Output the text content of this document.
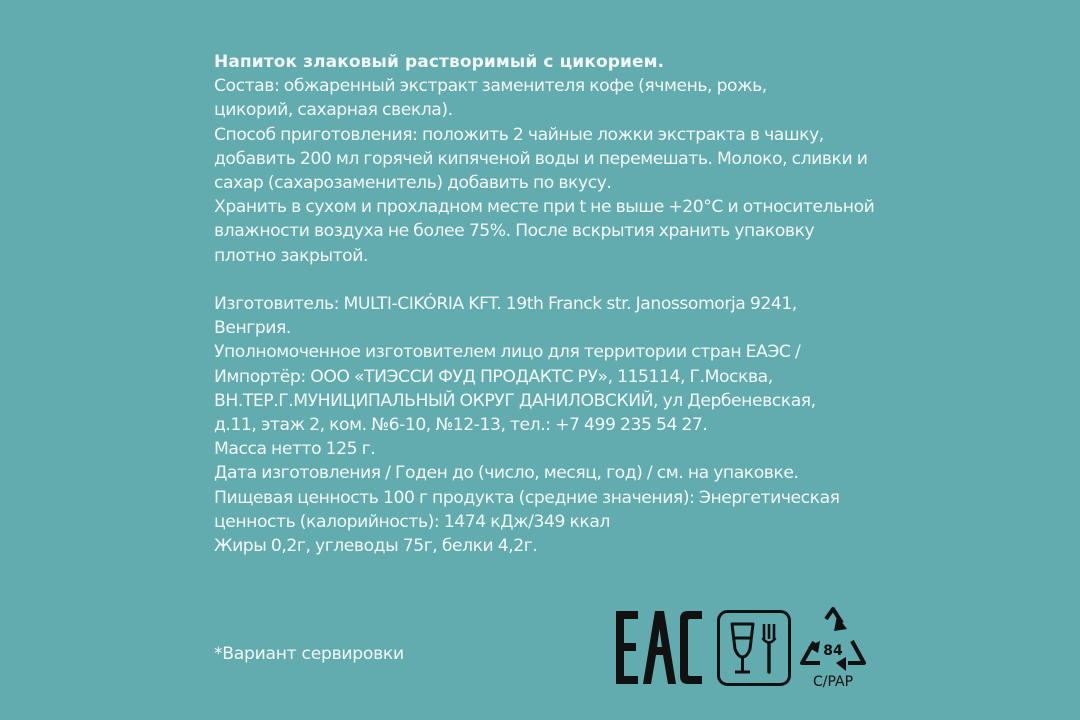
Напиток злаковый растворимый с цикорием.
Состав: обжаренный экстракт заменителя кофе (ячмень, рожь,
цикорий, сахарная свекла).
Способ приготовления: положить 2 чайные ложки экстракта в чашку,
добавить 200 мл горячей кипяченой воды и перемешать. Молоко, сливки и
сахар (сахарозаменитель) добавить по вкусу.
Хранить в сухом и прохладном месте при t не выше +20°C и относительной
влажности воздуха не более 75%. После вскрытия хранить упаковку
плотно закрытой.
Изготовитель: MULTI-CIKÓRIA KFT. 19th Franck str. Janossomorja 9241,
Венгрия.
Уполномоченное изготовителем лицо для территории стран ЕАЭС /
Импортёр: ООО «ТИЭССИ ФУД ПРОДАКТС РУ», 115114, Г.Москва,
ВН.ТЕР.Г.МУНИЦИПАЛЬНЫЙ ОКРУГ ДАНИЛОВСКИЙ, ул Дербеневская,
д.11, этаж 2, ком. №6-10, №12-13, тел.: +7 499 235 54 27.
Масса нетто 125 г.
Дата изготовления / Годен до (число, месяц, год) / см. на упаковке.
Пищевая ценность 100 г продукта (средние значения): Энергетическая
ценность (калорийность): 1474 кДж/349 ккал
Жиры 0,2г, углеводы 75г, белки 4,2г.
*Вариант сервировки	84
C/PAP
